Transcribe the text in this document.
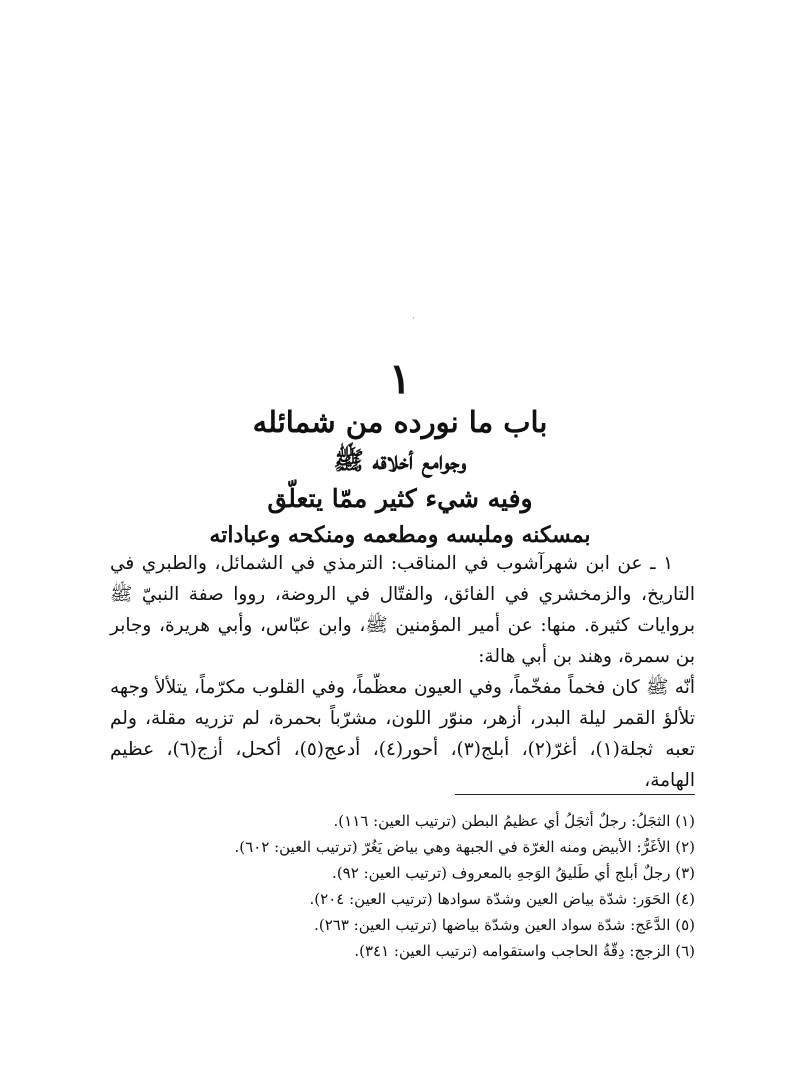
·
١
باب ما نورده من شمائله
وجوامع أخلاقه ﷺ
وفيه شيء كثير ممّا يتعلّق
بمسكنه وملبسه ومطعمه ومنكحه وعباداته

١ ـ عن ابن شهرآشوب في المناقب: الترمذي في الشمائل، والطبري في التاريخ، والزمخشري في الفائق، والفتّال في الروضة، رووا صفة النبيّ ﷺ بروايات كثيرة. منها: عن أمير المؤمنين ﷺ، وابن عبّاس، وأبي هريرة، وجابر بن سمرة، وهند بن أبي هالة:

أنّه ﷺ كان فخماً مفخّماً، وفي العيون معظّماً، وفي القلوب مكرّماً، يتلألأ وجهه تلألؤ القمر ليلة البدر، أزهر، منوّر اللون، مشرّباً بحمرة، لم تزريه مقلة، ولم تعبه ثجلة(١)، أغرّ(٢)، أبلج(٣)، أحور(٤)، أدعج(٥)، أكحل، أزج(٦)، عظيم الهامة،

(١) الثجَلُ: رجلٌ أثجَلُ أي عظيمُ البطن (ترتيب العين: ١١٦).

(٢) الأغَرُّ: الأبيض ومنه الغرّة في الجبهة وهي بياض يَغُرّ (ترتيب العين: ٦٠٢).

(٣) رجلٌ أبلج أي طَليقُ الوَجهِ بالمعروف (ترتيب العين: ٩٢).

(٤) الحَوَر: شدّة بياض العين وشدّة سوادها (ترتيب العين: ٢٠٤).

(٥) الدَّعَج: شدّة سواد العين وشدّة بياضها (ترتيب العين: ٢٦٣).

(٦) الزجج: دِقّةُ الحاجب واستقوامه (ترتيب العين: ٣٤١).
